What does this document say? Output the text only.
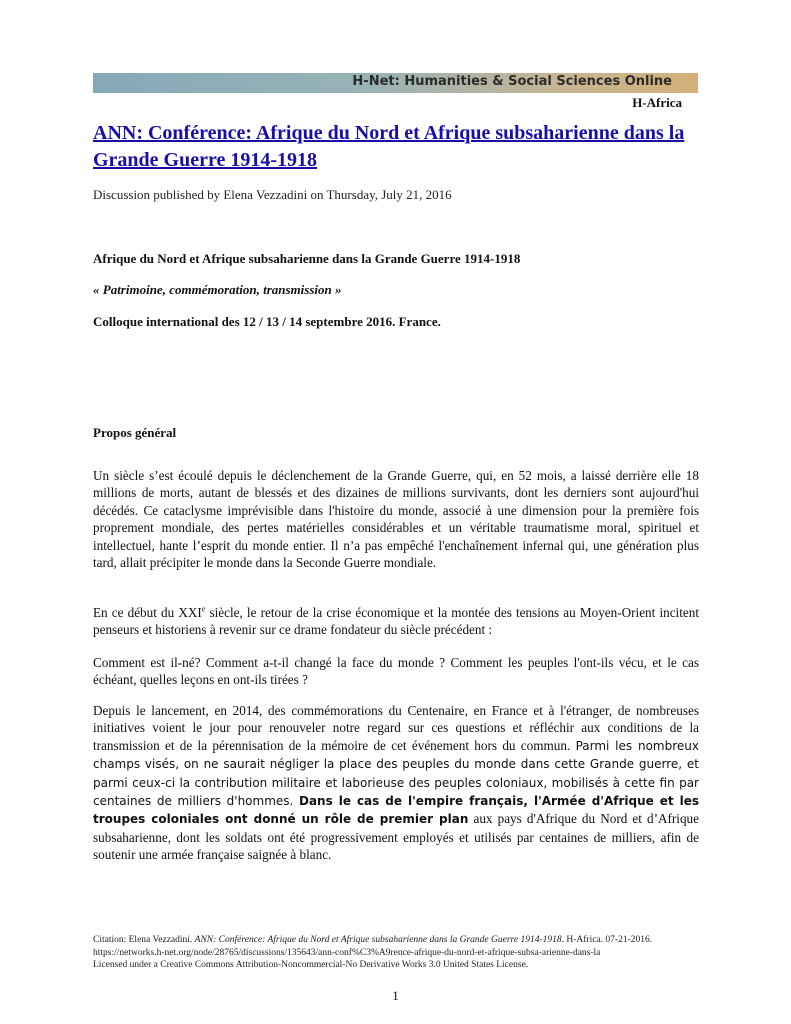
H-Net: Humanities & Social Sciences Online
H-Africa
ANN: Conférence: Afrique du Nord et Afrique subsaharienne dans la Grande Guerre 1914-1918
Discussion published by Elena Vezzadini on Thursday, July 21, 2016
Afrique du Nord et Afrique subsaharienne dans la Grande Guerre 1914-1918
« Patrimoine, commémoration, transmission »
Colloque international des 12 / 13 / 14 septembre 2016. France.
Propos général

Un siècle s’est écoulé depuis le déclenchement de la Grande Guerre, qui, en 52 mois, a laissé derrière elle 18 millions de morts, autant de blessés et des dizaines de millions survivants, dont les derniers sont aujourd'hui décédés. Ce cataclysme imprévisible dans l'histoire du monde, associé à une dimension pour la première fois proprement mondiale, des pertes matérielles considérables et un véritable traumatisme moral, spirituel et intellectuel, hante l’esprit du monde entier. Il n’a pas empêché l'enchaînement infernal qui, une génération plus tard, allait précipiter le monde dans la Seconde Guerre mondiale.

En ce début du XXIe siècle, le retour de la crise économique et la montée des tensions au Moyen-Orient incitent penseurs et historiens à revenir sur ce drame fondateur du siècle précédent :

Comment est il-né? Comment a-t-il changé la face du monde ? Comment les peuples l'ont-ils vécu, et le cas échéant, quelles leçons en ont-ils tirées ?

Depuis le lancement, en 2014, des commémorations du Centenaire, en France et à l'étranger, de nombreuses initiatives voient le jour pour renouveler notre regard sur ces questions et réfléchir aux conditions de la transmission et de la pérennisation de la mémoire de cet événement hors du commun. Parmi les nombreux champs visés, on ne saurait négliger la place des peuples du monde dans cette Grande guerre, et parmi ceux-ci la contribution militaire et laborieuse des peuples coloniaux, mobilisés à cette fin par centaines de milliers d'hommes. Dans le cas de l'empire français, l'Armée d'Afrique et les troupes coloniales ont donné un rôle de premier plan aux pays d'Afrique du Nord et d’Afrique subsaharienne, dont les soldats ont été progressivement employés et utilisés par centaines de milliers, afin de soutenir une armée française saignée à blanc.

Citation: Elena Vezzadini. ANN: Conférence: Afrique du Nord et Afrique subsaharienne dans la Grande Guerre 1914-1918. H-Africa. 07-21-2016. https://networks.h-net.org/node/28765/discussions/135643/ann-conf%C3%A9rence-afrique-du-nord-et-afrique-subsa-arienne-dans-la
Licensed under a Creative Commons Attribution-Noncommercial-No Derivative Works 3.0 United States License.
1
